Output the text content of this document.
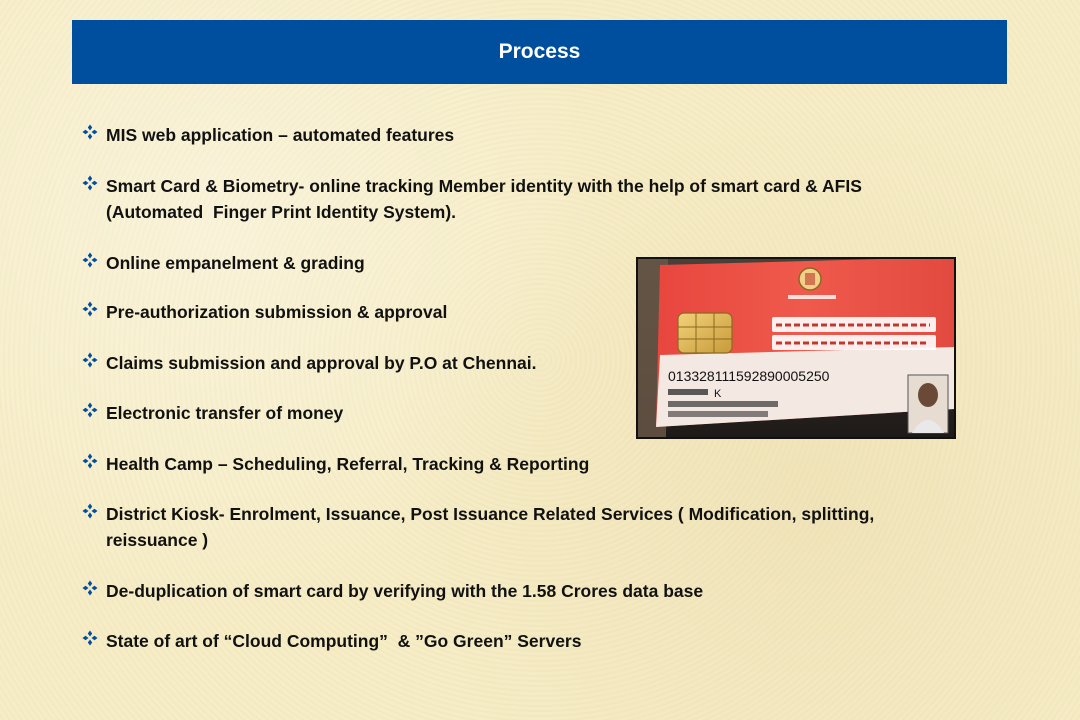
Process
MIS web application – automated features
Smart Card & Biometry- online tracking Member identity with the help of smart card & AFIS
(Automated  Finger Print Identity System).
Online empanelment & grading
Pre-authorization submission & approval
Claims submission and approval by P.O at Chennai.
Electronic transfer of money
Health Camp – Scheduling, Referral, Tracking & Reporting
District Kiosk- Enrolment, Issuance, Post Issuance Related Services ( Modification, splitting,
reissuance )
De-duplication of smart card by verifying with the 1.58 Crores data base
State of art of “Cloud Computing”  & ”Go Green” Servers
01332811159289000525​0
K
